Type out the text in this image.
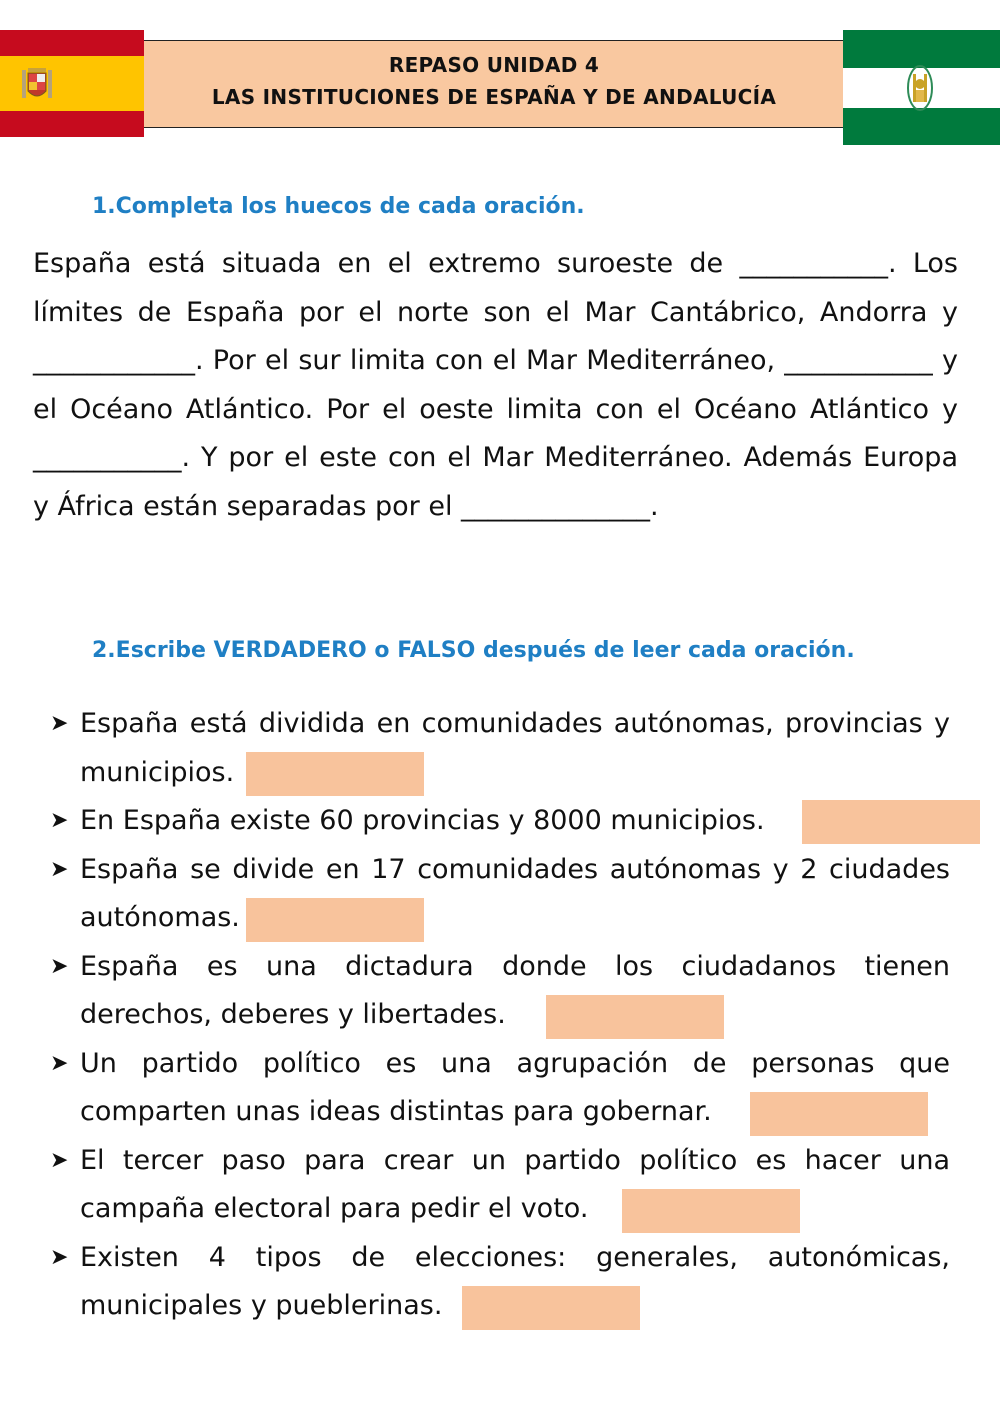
REPASO UNIDAD 4
LAS INSTITUCIONES DE ESPAÑA Y DE ANDALUCÍA
1.Completa los huecos de cada oración.
España está situada en el extremo suroeste de ___________. Los límites de España por el norte son el Mar Cantábrico, Andorra y ____________. Por el sur limita con el Mar Mediterráneo, ___________ y el Océano Atlántico. Por el oeste limita con el Océano Atlántico y ___________. Y por el este con el Mar Mediterráneo. Además Europa y África están separadas por el ______________.
2.Escribe VERDADERO o FALSO después de leer cada oración.
➤ España está dividida en comunidades autónomas, provincias y municipios.
➤ En España existe 60 provincias y 8000 municipios.
➤ España se divide en 17 comunidades autónomas y 2 ciudades autónomas.
➤ España es una dictadura donde los ciudadanos tienen derechos, deberes y libertades.
➤ Un partido político es una agrupación de personas que comparten unas ideas distintas para gobernar.
➤ El tercer paso para crear un partido político es hacer una campaña electoral para pedir el voto.
➤ Existen 4 tipos de elecciones: generales, autonómicas, municipales y pueblerinas.
